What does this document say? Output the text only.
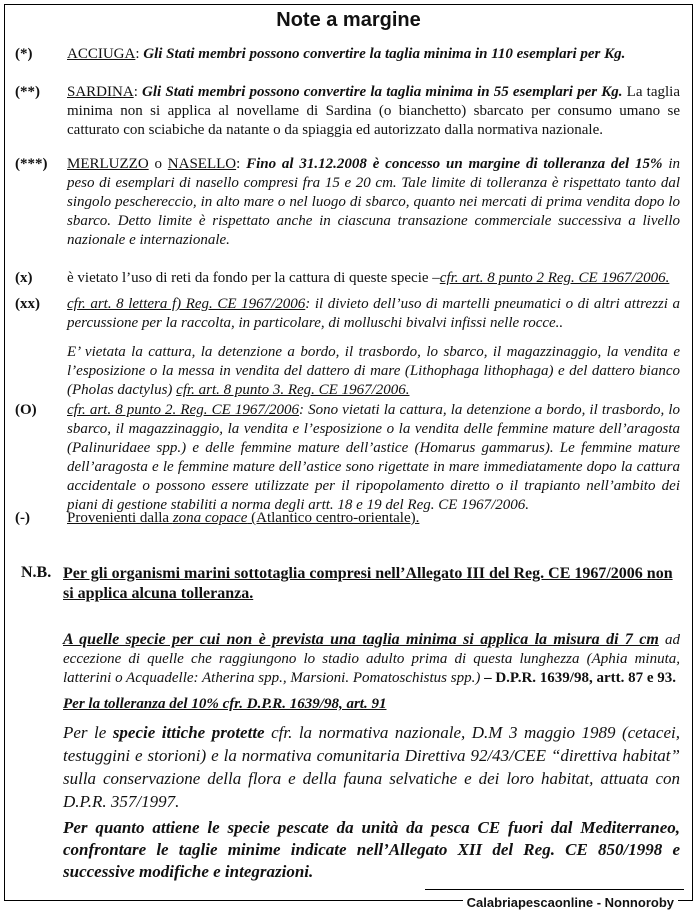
Note a margine
(*) ACCIUGA: Gli Stati membri possono convertire la taglia minima in 110 esemplari per Kg.
(**) SARDINA: Gli Stati membri possono convertire la taglia minima in 55 esemplari per Kg. La taglia minima non si applica al novellame di Sardina (o bianchetto) sbarcato per consumo umano se catturato con sciabiche da natante o da spiaggia ed autorizzato dalla normativa nazionale.
(***) MERLUZZO o NASELLO: Fino al 31.12.2008 è concesso un margine di tolleranza del 15% in peso di esemplari di nasello compresi fra 15 e 20 cm. Tale limite di tolleranza è rispettato tanto dal singolo peschereccio, in alto mare o nel luogo di sbarco, quanto nei mercati di prima vendita dopo lo sbarco. Detto limite è rispettato anche in ciascuna transazione commerciale successiva a livello nazionale e internazionale.
(x) è vietato l’uso di reti da fondo per la cattura di queste specie –cfr. art. 8 punto 2 Reg. CE 1967/2006.
(xx) cfr. art. 8 lettera f) Reg. CE 1967/2006: il divieto dell’uso di martelli pneumatici o di altri attrezzi a percussione per la raccolta, in particolare, di molluschi bivalvi infissi nelle rocce..
E’ vietata la cattura, la detenzione a bordo, il trasbordo, lo sbarco, il magazzinaggio, la vendita e l’esposizione o la messa in vendita del dattero di mare (Lithophaga lithophaga) e del dattero bianco (Pholas dactylus) cfr. art. 8 punto 3. Reg. CE 1967/2006.
(O) cfr. art. 8 punto 2. Reg. CE 1967/2006: Sono vietati la cattura, la detenzione a bordo, il trasbordo, lo sbarco, il magazzinaggio, la vendita e l’esposizione o la vendita delle femmine mature dell’aragosta (Palinuridaee spp.) e delle femmine mature dell’astice (Homarus gammarus). Le femmine mature dell’aragosta e le femmine mature dell’astice sono rigettate in mare immediatamente dopo la cattura accidentale o possono essere utilizzate per il ripopolamento diretto o il trapianto nell’ambito dei piani di gestione stabiliti a norma degli artt. 18 e 19 del Reg. CE 1967/2006.
(-) Provenienti dalla zona copace (Atlantico centro-orientale).
N.B. Per gli organismi marini sottotaglia compresi nell’Allegato III del Reg. CE 1967/2006 non si applica alcuna tolleranza.
A quelle specie per cui non è prevista una taglia minima si applica la misura di 7 cm ad eccezione di quelle che raggiungono lo stadio adulto prima di questa lunghezza (Aphia minuta, latterini o Acquadelle: Atherina spp., Marsioni. Pomatoschistus spp.) – D.P.R. 1639/98, artt. 87 e 93.
Per la tolleranza del 10% cfr. D.P.R. 1639/98, art. 91
Per le specie ittiche protette cfr. la normativa nazionale, D.M 3 maggio 1989 (cetacei, testuggini e storioni) e la normativa comunitaria Direttiva 92/43/CEE “direttiva habitat” sulla conservazione della flora e della fauna selvatiche e dei loro habitat, attuata con D.P.R. 357/1997.
Per quanto attiene le specie pescate da unità da pesca CE fuori dal Mediterraneo, confrontare le taglie minime indicate nell’Allegato XII del Reg. CE 850/1998 e successive modifiche e integrazioni.
Calabriapescaonline - Nonnoroby
